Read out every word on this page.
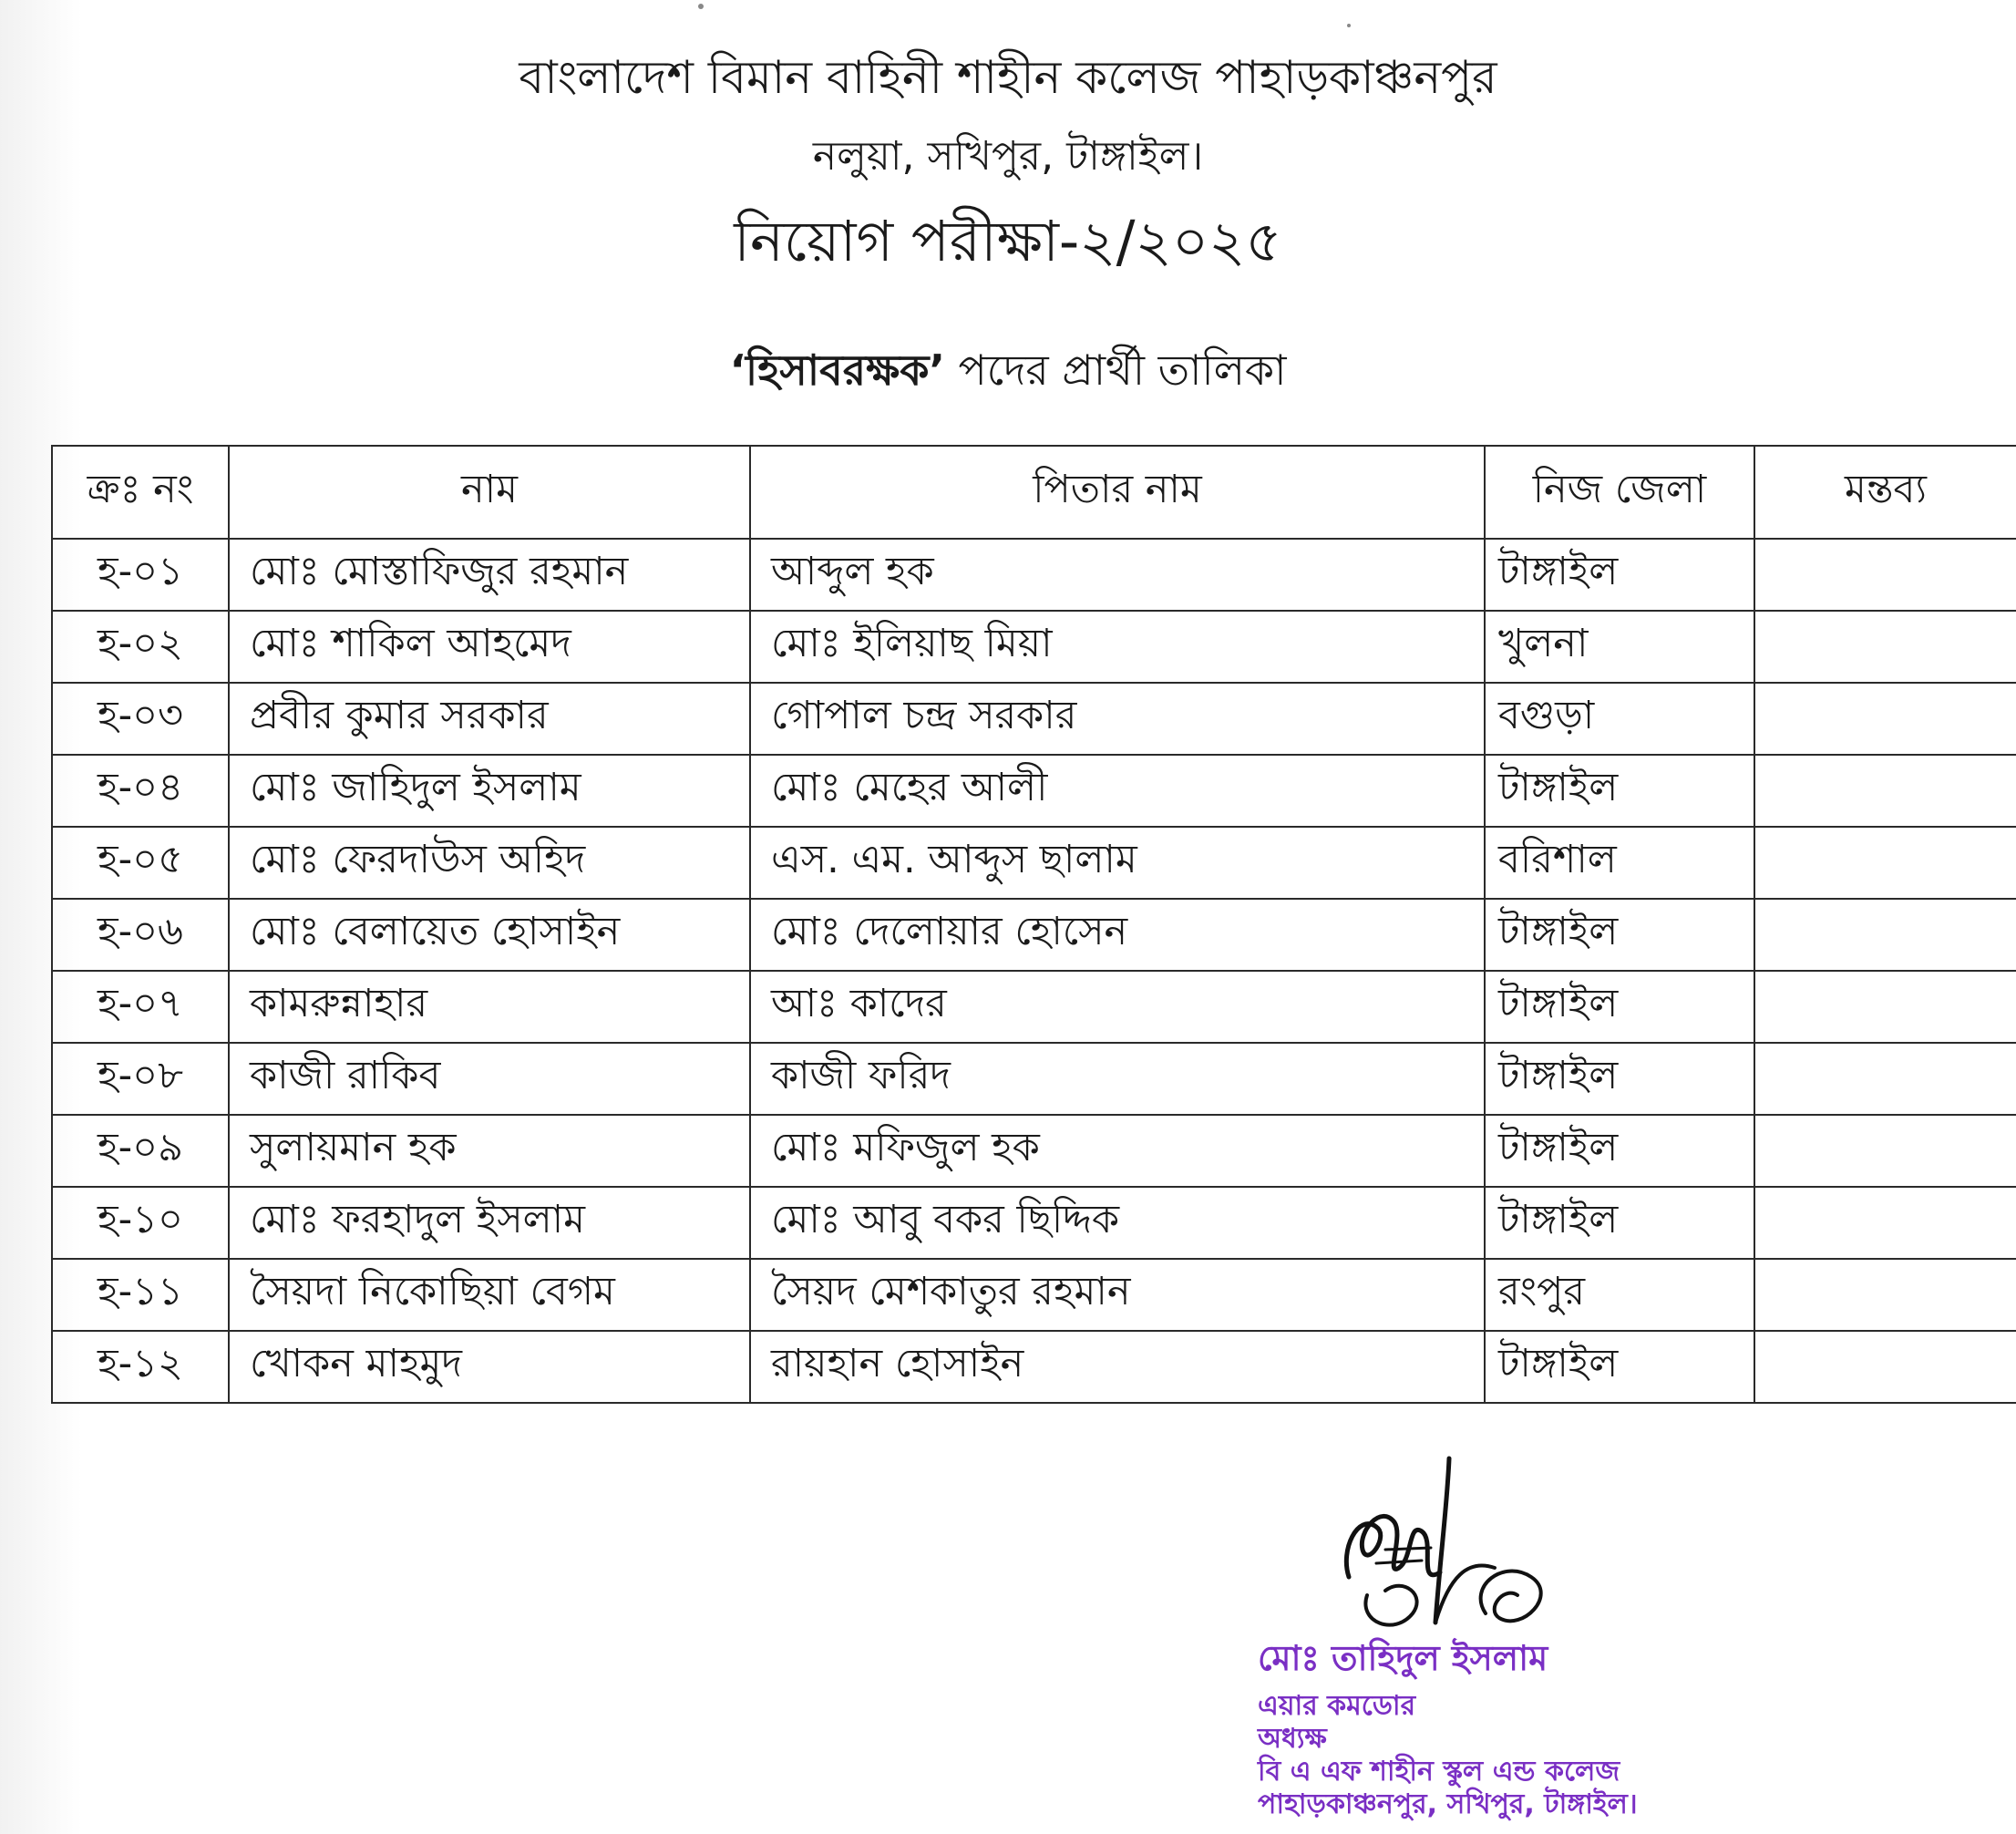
বাংলাদেশ বিমান বাহিনী শাহীন কলেজ পাহাড়কাঞ্চনপুর
নলুয়া, সখিপুর, টাঙ্গাইল।
নিয়োগ পরীক্ষা-২/২০২৫
‘হিসাবরক্ষক’ পদের প্রার্থী তালিকা
ক্রঃ নং	নাম	পিতার নাম	নিজ জেলা	মন্তব্য
হ-০১	মোঃ মোস্তাফিজুর রহমান	আব্দুল হক	টাঙ্গাইল	
হ-০২	মোঃ শাকিল আহমেদ	মোঃ ইলিয়াছ মিয়া	খুলনা	
হ-০৩	প্রবীর কুমার সরকার	গোপাল চন্দ্র সরকার	বগুড়া	
হ-০৪	মোঃ জাহিদুল ইসলাম	মোঃ মেহের আলী	টাঙ্গাইল	
হ-০৫	মোঃ ফেরদাউস অহিদ	এস. এম. আব্দুস ছালাম	বরিশাল	
হ-০৬	মোঃ বেলায়েত হোসাইন	মোঃ দেলোয়ার হোসেন	টাঙ্গাইল	
হ-০৭	কামরুন্নাহার	আঃ কাদের	টাঙ্গাইল	
হ-০৮	কাজী রাকিব	কাজী ফরিদ	টাঙ্গাইল	
হ-০৯	সুলায়মান হক	মোঃ মফিজুল হক	টাঙ্গাইল	
হ-১০	মোঃ ফরহাদুল ইসলাম	মোঃ আবু বকর ছিদ্দিক	টাঙ্গাইল	
হ-১১	সৈয়দা নিকোছিয়া বেগম	সৈয়দ মেশকাতুর রহমান	রংপুর	
হ-১২	খোকন মাহমুদ	রায়হান হোসাইন	টাঙ্গাইল	
মোঃ তাহিদুল ইসলাম
এয়ার কমডোর
অধ্যক্ষ
বি এ এফ শাহীন স্কুল এন্ড কলেজ
পাহাড়কাঞ্চনপুর, সখিপুর, টাঙ্গাইল।
